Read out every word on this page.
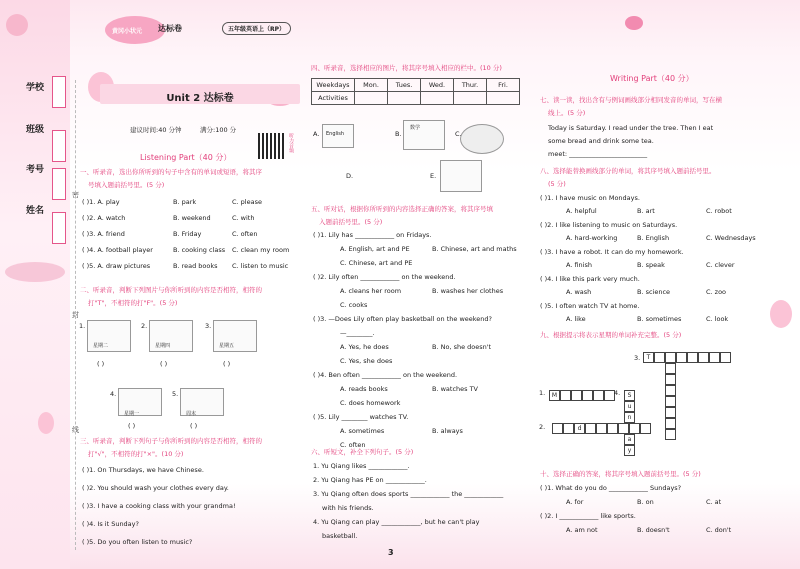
学校
班级
考号
姓名
密
封
线
黄冈小状元 达标卷	五年级英语上（RP）
Unit 2 达标卷
建议时间:40 分钟	满分:100 分
听力音频
Listening Part（40 分）
一、听录音，选出你所听到的句子中含有的单词或短语，将其序
号填入题前括号里。(5 分)
( )1. A. play	B. park	C. please
( )2. A. watch	B. weekend	C. with
( )3. A. friend	B. Friday	C. often
( )4. A. football player	B. cooking class C. clean my room
( )5. A. draw pictures	B. read books C. listen to music
二、听录音，判断下列图片与你所听到的内容是否相符，相符的
打"T"，不相符的打"F"。(5 分)
1.
星期二
( )
2.
星期四
( )
3.
星期五
( )
4.
星期一
( )
5.
周末
( )
三、听录音，判断下列句子与你所听到的内容是否相符，相符的
打"√"，不相符的打"×"。(10 分)
( )1. On Thursdays, we have Chinese.
( )2. You should wash your clothes every day.
( )3. I have a cooking class with your grandma!
( )4. Is it Sunday?
( )5. Do you often listen to music?
四、听录音，选择相应的图片，将其序号填入相应的栏中。(10 分)
Weekdays	Mon.	Tues.	Wed.	Thur.	Fri.
Activities					
English
数学
A.	B.	C.
D.	E.
五、听对话，根据你所听到的内容选择正确的答案，将其序号填
入题前括号里。(5 分)
( )1. Lily has ____________ on Fridays.
A. English, art and PE	B. Chinese, art and maths
C. Chinese, art and PE
( )2. Lily often ____________ on the weekend.
A. cleans her room	B. washes her clothes
C. cooks
( )3. —Does Lily often play basketball on the weekend?
—________.
A. Yes, he does	B. No, she doesn't
C. Yes, she does
( )4. Ben often ____________ on the weekend.
A. reads books	B. watches TV
C. does homework
( )5. Lily ________ watches TV.
A. sometimes	B. always
C. often
六、听短文，补全下列句子。(5 分)
1. Yu Qiang likes ____________.
2. Yu Qiang has PE on ____________.
3. Yu Qiang often does sports ____________ the ____________
with his friends.
4. Yu Qiang can play ____________, but he can't play
basketball.
Writing Part（40 分）
七、读一读，找出含有与例词画线部分相同发音的单词，写在横
线上。(5 分)
Today is Saturday. I read under the tree. Then I eat
some bread and drink some tea.
meet: ________________________
八、选择能替换画线部分的单词，将其序号填入题前括号里。
(5 分)
( )1. I have music on Mondays.
A. helpful	B. art	C. robot
( )2. I like listening to music on Saturdays.
A. hard-working	B. English	C. Wednesdays
( )3. I have a robot. It can do my homework.
A. finish	B. speak	C. clever
( )4. I like this park very much.
A. wash	B. science	C. zoo
( )5. I often watch TV at home.
A. like	B. sometimes	C. look
九、根据提示将表示星期的单词补充完整。(5 分)
T
M	S
u
n
a
y
d
1.
2.
3.
4.
十、选择正确的答案，将其序号填入题前括号里。(5 分)
( )1. What do you do ____________ Sundays?
A. for	B. on	C. at
( )2. I ____________ like sports.
A. am not	B. doesn't	C. don't
3
